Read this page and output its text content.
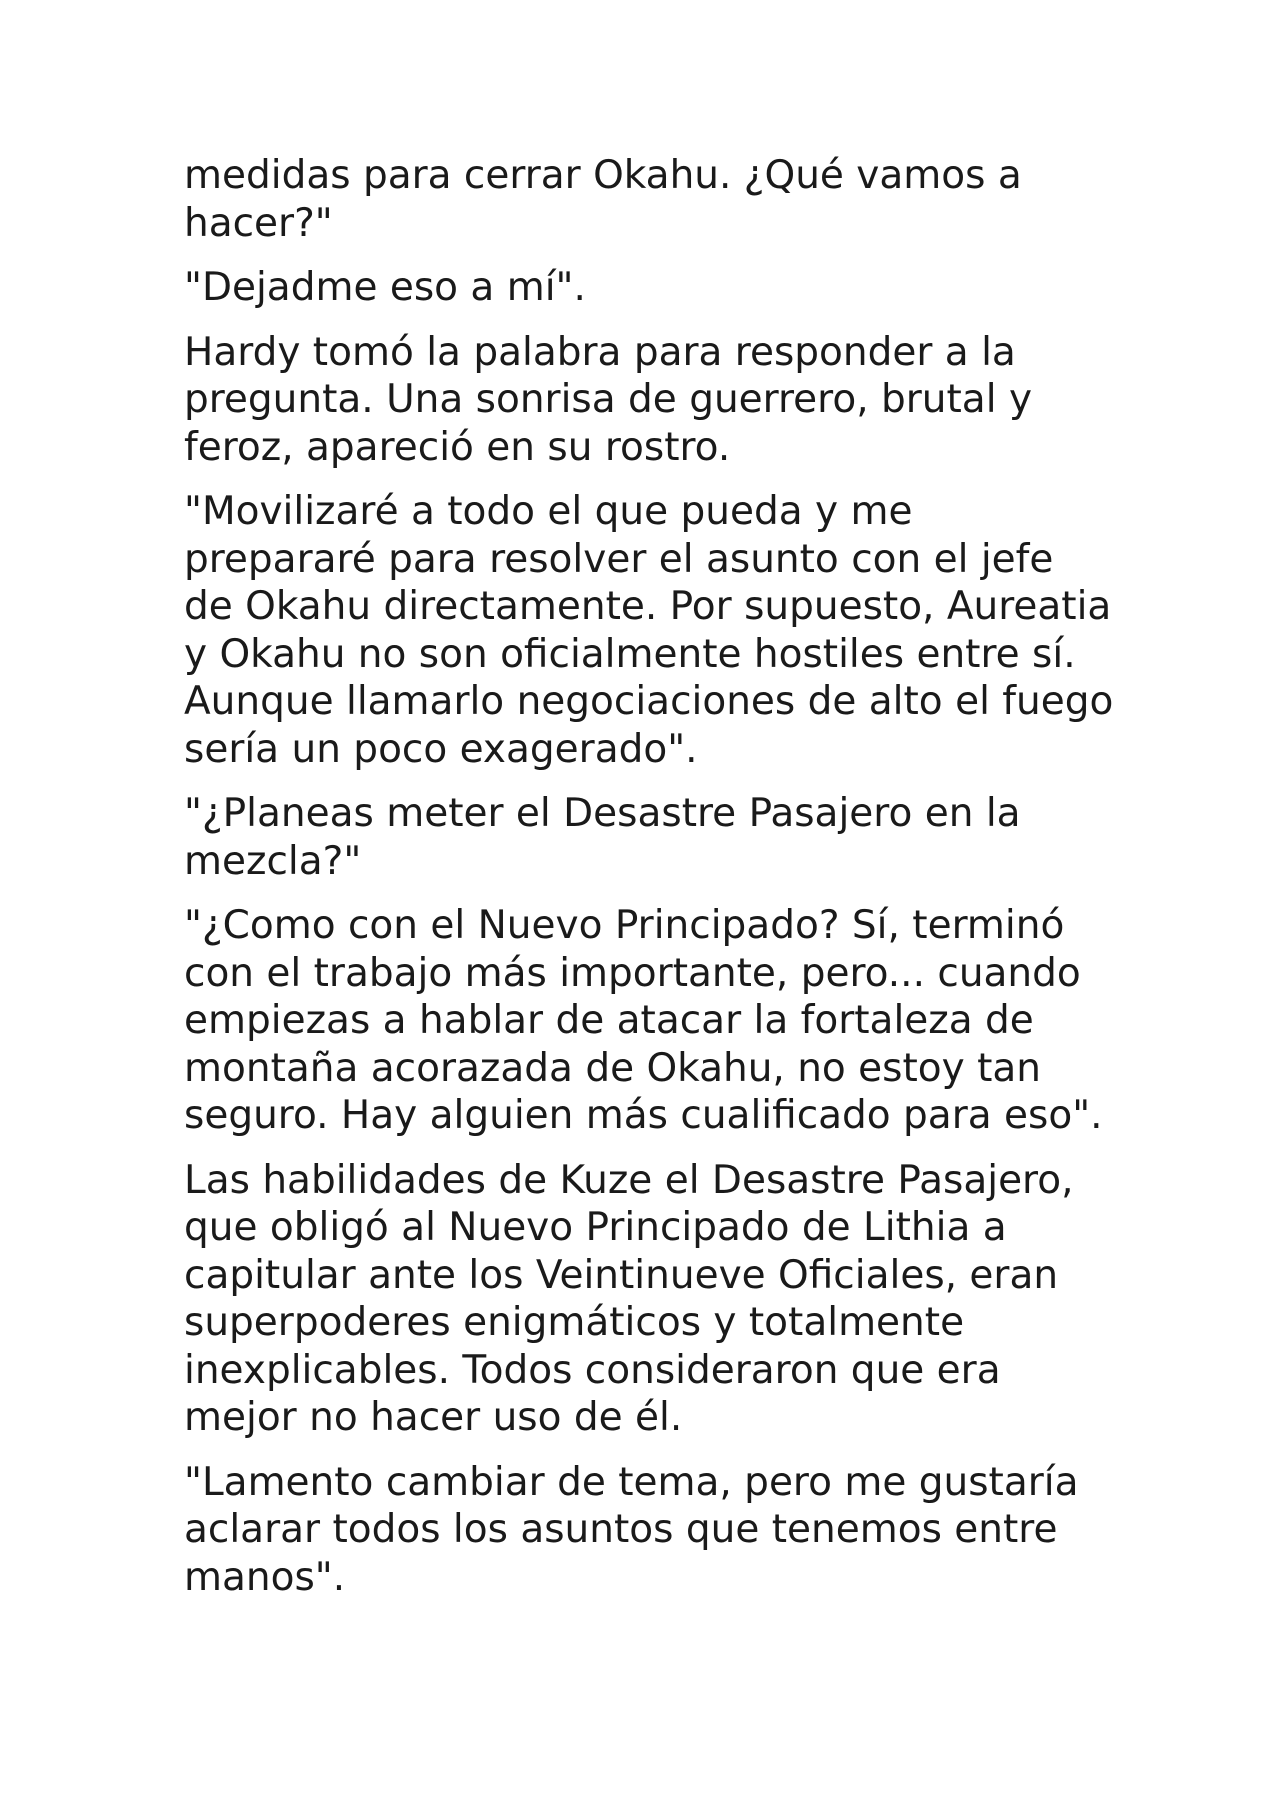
medidas para cerrar Okahu. ¿Qué vamos a hacer?"

"Dejadme eso a mí".

Hardy tomó la palabra para responder a la pregunta. Una sonrisa de guerrero, brutal y feroz, apareció en su rostro.

"Movilizaré a todo el que pueda y me prepararé para resolver el asunto con el jefe de Okahu directamente. Por supuesto, Aureatia y Okahu no son oficialmente hostiles entre sí. Aunque llamarlo negociaciones de alto el fuego sería un poco exagerado".

"¿Planeas meter el Desastre Pasajero en la mezcla?"

"¿Como con el Nuevo Principado? Sí, terminó con el trabajo más importante, pero... cuando empiezas a hablar de atacar la fortaleza de montaña acorazada de Okahu, no estoy tan seguro. Hay alguien más cualificado para eso".

Las habilidades de Kuze el Desastre Pasajero, que obligó al Nuevo Principado de Lithia a capitular ante los Veintinueve Oficiales, eran superpoderes enigmáticos y totalmente inexplicables. Todos consideraron que era mejor no hacer uso de él.

"Lamento cambiar de tema, pero me gustaría aclarar todos los asuntos que tenemos entre manos".
